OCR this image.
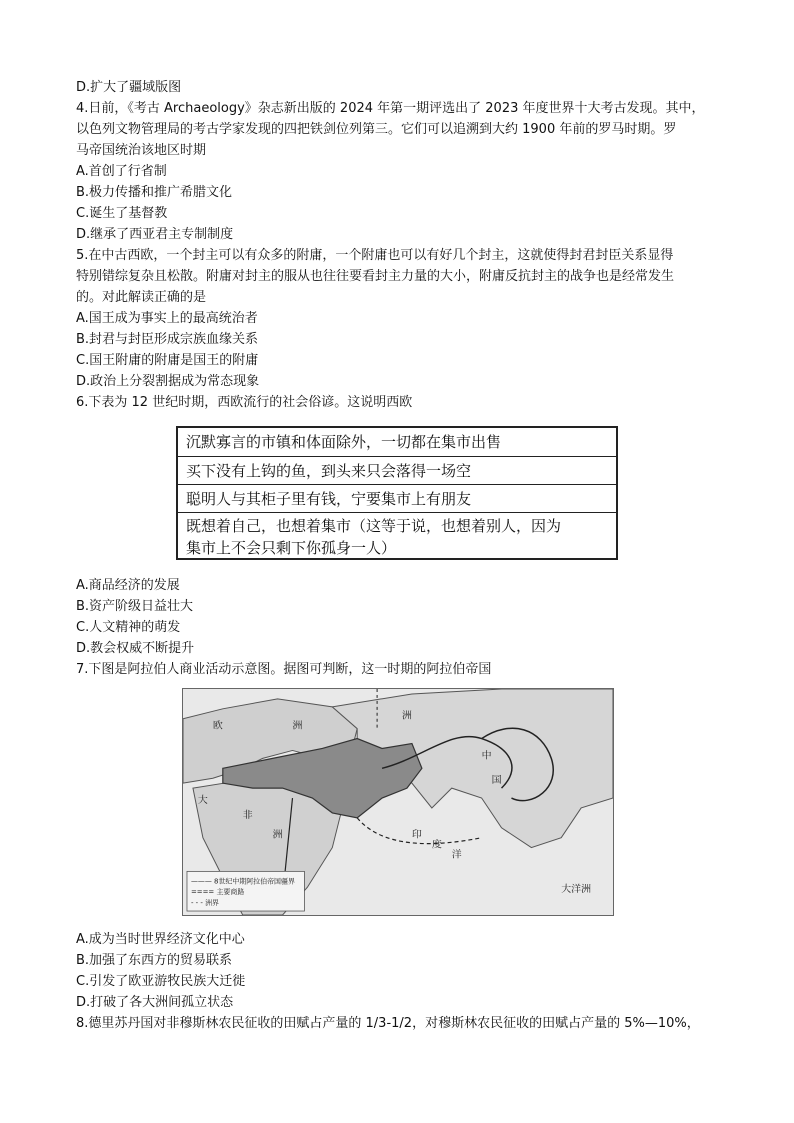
D.扩大了疆域版图
4.日前，《考古 Archaeology》杂志新出版的 2024 年第一期评选出了 2023 年度世界十大考古发现。其中，
以色列文物管理局的考古学家发现的四把铁剑位列第三。它们可以追溯到大约 1900 年前的罗马时期。罗
马帝国统治该地区时期
A.首创了行省制
B.极力传播和推广希腊文化
C.诞生了基督教
D.继承了西亚君主专制制度
5.在中古西欧，一个封主可以有众多的附庸，一个附庸也可以有好几个封主，这就使得封君封臣关系显得
特别错综复杂且松散。附庸对封主的服从也往往要看封主力量的大小，附庸反抗封主的战争也是经常发生
的。对此解读正确的是
A.国王成为事实上的最高统治者
B.封君与封臣形成宗族血缘关系
C.国王附庸的附庸是国王的附庸
D.政治上分裂割据成为常态现象
6.下表为 12 世纪时期，西欧流行的社会俗谚。这说明西欧
沉默寡言的市镇和体面除外，一切都在集市出售
买下没有上钩的鱼，到头来只会落得一场空
聪明人与其柜子里有钱，宁要集市上有朋友
既想着自己，也想着集市（这等于说，也想着别人，因为
集市上不会只剩下你孤身一人）
A.商品经济的发展
B.资产阶级日益壮大
C.人文精神的萌发
D.教会权威不断提升
7.下图是阿拉伯人商业活动示意图。据图可判断，这一时期的阿拉伯帝国
欧	洲
洲
非
洲
中
国
印
度
洋
大
大洋洲
——— 8世纪中期阿拉伯帝国疆界
==== 主要商路
- - - 洲界
A.成为当时世界经济文化中心
B.加强了东西方的贸易联系
C.引发了欧亚游牧民族大迁徙
D.打破了各大洲间孤立状态
8.德里苏丹国对非穆斯林农民征收的田赋占产量的 1/3-1/2，对穆斯林农民征收的田赋占产量的 5%—10%，
